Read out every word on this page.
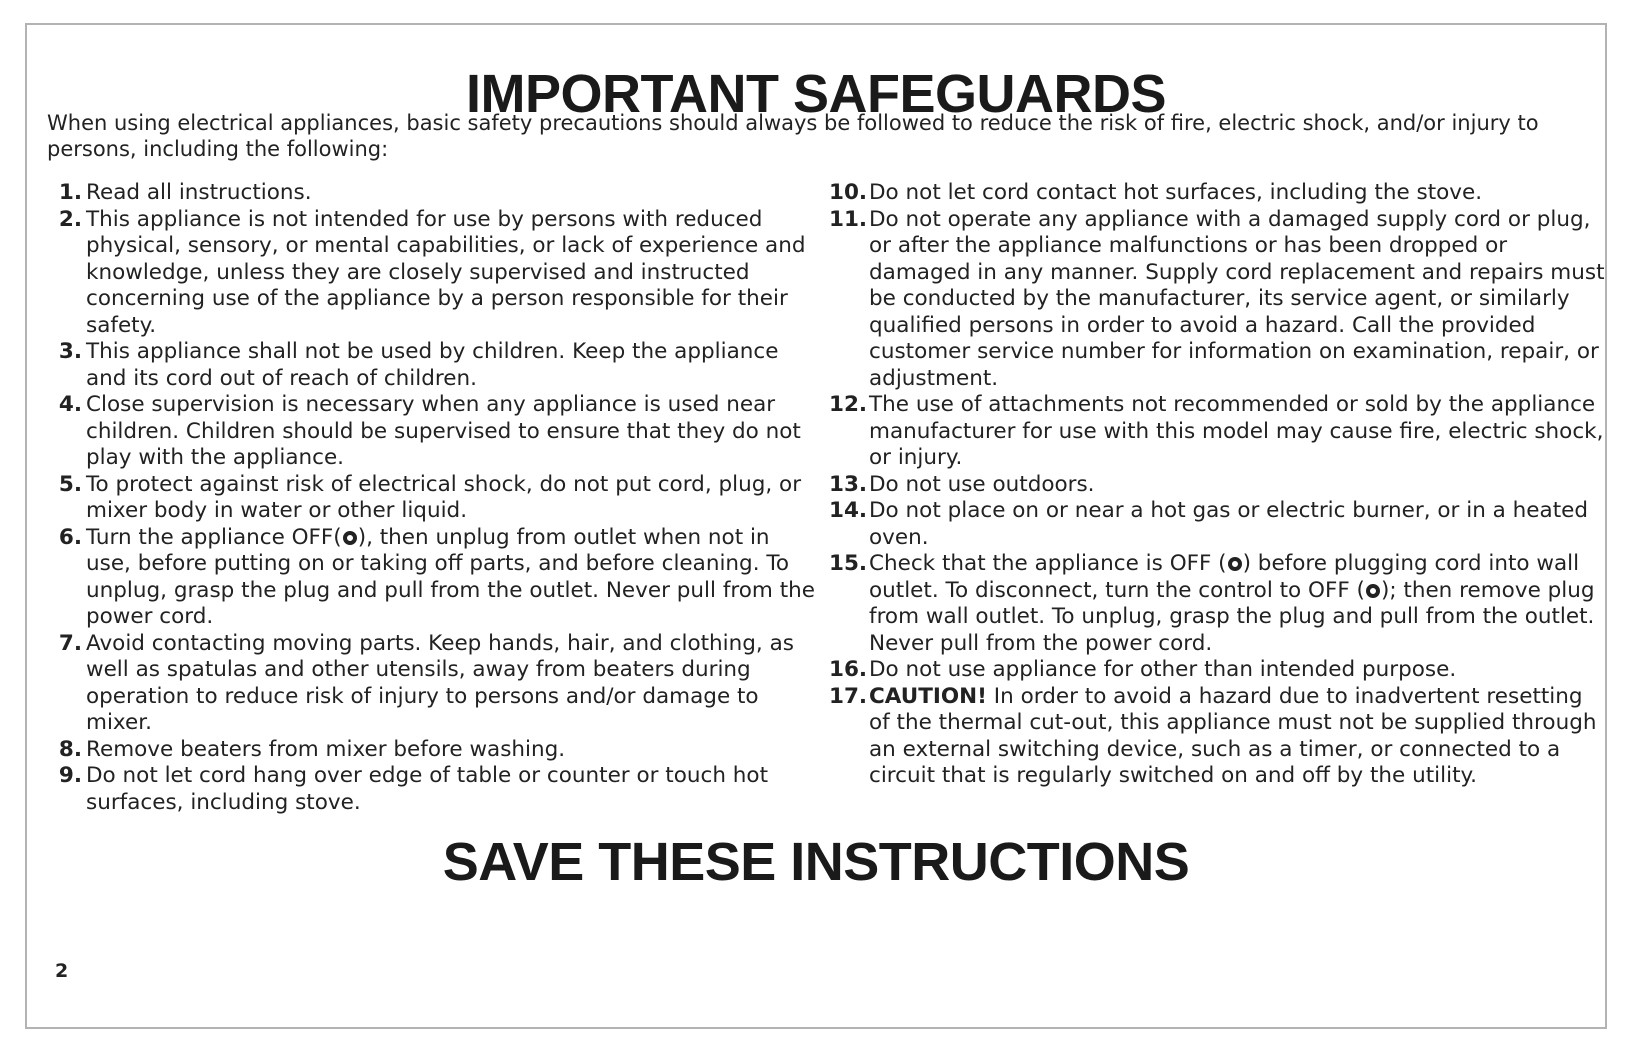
IMPORTANT SAFEGUARDS

When using electrical appliances, basic safety precautions should always be followed to reduce the risk of fire, electric shock, and/or injury to persons, including the following:

1. Read all instructions.
2. This appliance is not intended for use by persons with reduced physical, sensory, or mental capabilities, or lack of experience and knowledge, unless they are closely supervised and instructed concerning use of the appliance by a person responsible for their safety.
3. This appliance shall not be used by children. Keep the appliance and its cord out of reach of children.
4. Close supervision is necessary when any appliance is used near children. Children should be supervised to ensure that they do not play with the appliance.
5. To protect against risk of electrical shock, do not put cord, plug, or mixer body in water or other liquid.
6. Turn the appliance OFF( ), then unplug from outlet when not in use, before putting on or taking off parts, and before cleaning. To unplug, grasp the plug and pull from the outlet. Never pull from the power cord.
7. Avoid contacting moving parts. Keep hands, hair, and clothing, as well as spatulas and other utensils, away from beaters during operation to reduce risk of injury to persons and/or damage to mixer.
8. Remove beaters from mixer before washing.
9. Do not let cord hang over edge of table or counter or touch hot surfaces, including stove.
10. Do not let cord contact hot surfaces, including the stove.
11. Do not operate any appliance with a damaged supply cord or plug, or after the appliance malfunctions or has been dropped or damaged in any manner. Supply cord replacement and repairs must be conducted by the manufacturer, its service agent, or similarly qualified persons in order to avoid a hazard. Call the provided customer service number for information on examination, repair, or adjustment.
12. The use of attachments not recommended or sold by the appliance manufacturer for use with this model may cause fire, electric shock, or injury.
13. Do not use outdoors.
14. Do not place on or near a hot gas or electric burner, or in a heated oven.
15. Check that the appliance is OFF ( ) before plugging cord into wall outlet. To disconnect, turn the control to OFF ( ); then remove plug from wall outlet. To unplug, grasp the plug and pull from the outlet. Never pull from the power cord.
16. Do not use appliance for other than intended purpose.
17. CAUTION! In order to avoid a hazard due to inadvertent resetting of the thermal cut-out, this appliance must not be supplied through an external switching device, such as a timer, or connected to a circuit that is regularly switched on and off by the utility.
SAVE THESE INSTRUCTIONS
2
